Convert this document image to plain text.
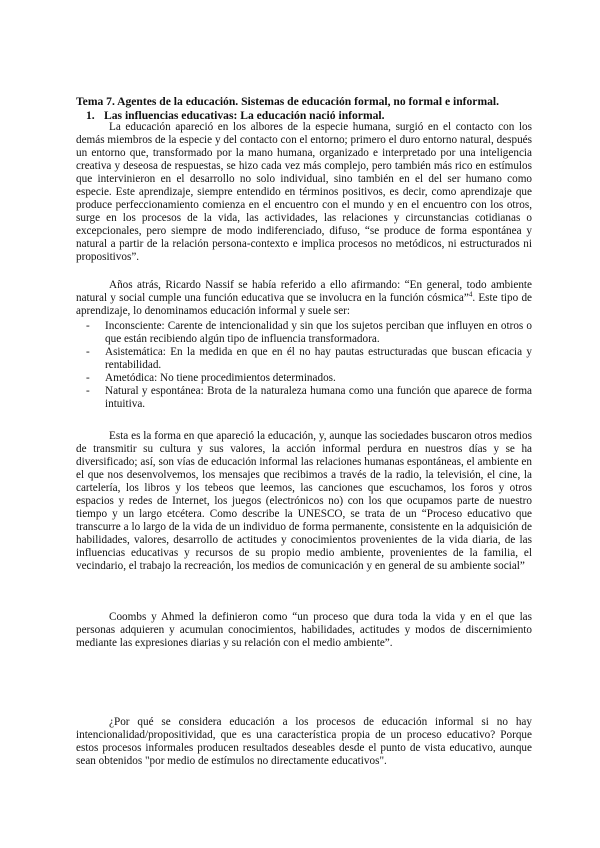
Tema 7. Agentes de la educación. Sistemas de educación formal, no formal e informal.
1. Las influencias educativas: La educación nació informal.

La educación apareció en los albores de la especie humana, surgió en el contacto con los demás miembros de la especie y del contacto con el entorno; primero el duro entorno natural, después un entorno que, transformado por la mano humana, organizado e interpretado por una inteligencia creativa y deseosa de respuestas, se hizo cada vez más complejo, pero también más rico en estímulos que intervinieron en el desarrollo no solo individual, sino también en el del ser humano como especie. Este aprendizaje, siempre entendido en términos positivos, es decir, como aprendizaje que produce perfeccionamiento comienza en el encuentro con el mundo y en el encuentro con los otros, surge en los procesos de la vida, las actividades, las relaciones y circunstancias cotidianas o excepcionales, pero siempre de modo indiferenciado, difuso, “se produce de forma espontánea y natural a partir de la relación persona-contexto e implica procesos no metódicos, ni estructurados ni propositivos”.

Años atrás, Ricardo Nassif se había referido a ello afirmando: “En general, todo ambiente natural y social cumple una función educativa que se involucra en la función cósmica”$^4$. Este tipo de aprendizaje, lo denominamos educación informal y suele ser:

- Inconsciente: Carente de intencionalidad y sin que los sujetos perciban que influyen en otros o que están recibiendo algún tipo de influencia transformadora.
- Asistemática: En la medida en que en él no hay pautas estructuradas que buscan eficacia y rentabilidad.
- Ametódica: No tiene procedimientos determinados.
- Natural y espontánea: Brota de la naturaleza humana como una función que aparece de forma intuitiva.

Esta es la forma en que apareció la educación, y, aunque las sociedades buscaron otros medios de transmitir su cultura y sus valores, la acción informal perdura en nuestros días y se ha diversificado; así, son vías de educación informal las relaciones humanas espontáneas, el ambiente en el que nos desenvolvemos, los mensajes que recibimos a través de la radio, la televisión, el cine, la cartelería, los libros y los tebeos que leemos, las canciones que escuchamos, los foros y otros espacios y redes de Internet, los juegos (electrónicos no) con los que ocupamos parte de nuestro tiempo y un largo etcétera. Como describe la UNESCO, se trata de un “Proceso educativo que transcurre a lo largo de la vida de un individuo de forma permanente, consistente en la adquisición de habilidades, valores, desarrollo de actitudes y conocimientos provenientes de la vida diaria, de las influencias educativas y recursos de su propio medio ambiente, provenientes de la familia, el vecindario, el trabajo la recreación, los medios de comunicación y en general de su ambiente social”

Coombs y Ahmed la definieron como “un proceso que dura toda la vida y en el que las personas adquieren y acumulan conocimientos, habilidades, actitudes y modos de discernimiento mediante las expresiones diarias y su relación con el medio ambiente”.

¿Por qué se considera educación a los procesos de educación informal si no hay intencionalidad/propositividad, que es una característica propia de un proceso educativo? Porque estos procesos informales producen resultados deseables desde el punto de vista educativo, aunque sean obtenidos "por medio de estímulos no directamente educativos".
